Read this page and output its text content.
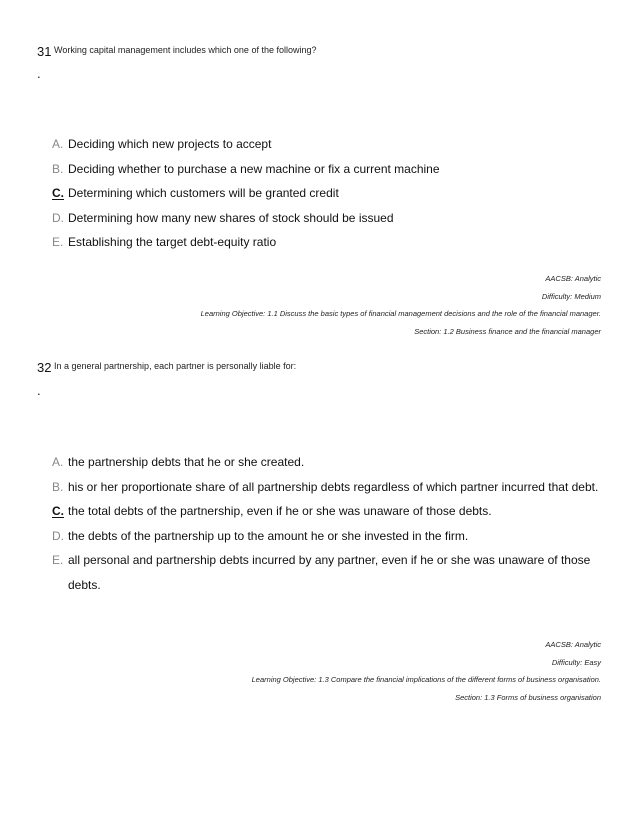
31 Working capital management includes which one of the following?
.
A. Deciding which new projects to accept
B. Deciding whether to purchase a new machine or fix a current machine
C. Determining which customers will be granted credit
D. Determining how many new shares of stock should be issued
E. Establishing the target debt-equity ratio
AACSB: Analytic
Difficulty: Medium
Learning Objective: 1.1 Discuss the basic types of financial management decisions and the role of the financial manager.
Section: 1.2 Business finance and the financial manager
32 In a general partnership, each partner is personally liable for:
.
A. the partnership debts that he or she created.
B. his or her proportionate share of all partnership debts regardless of which partner incurred that debt.
C. the total debts of the partnership, even if he or she was unaware of those debts.
D. the debts of the partnership up to the amount he or she invested in the firm.
E. all personal and partnership debts incurred by any partner, even if he or she was unaware of those debts.
AACSB: Analytic
Difficulty: Easy
Learning Objective: 1.3 Compare the financial implications of the different forms of business organisation.
Section: 1.3 Forms of business organisation
